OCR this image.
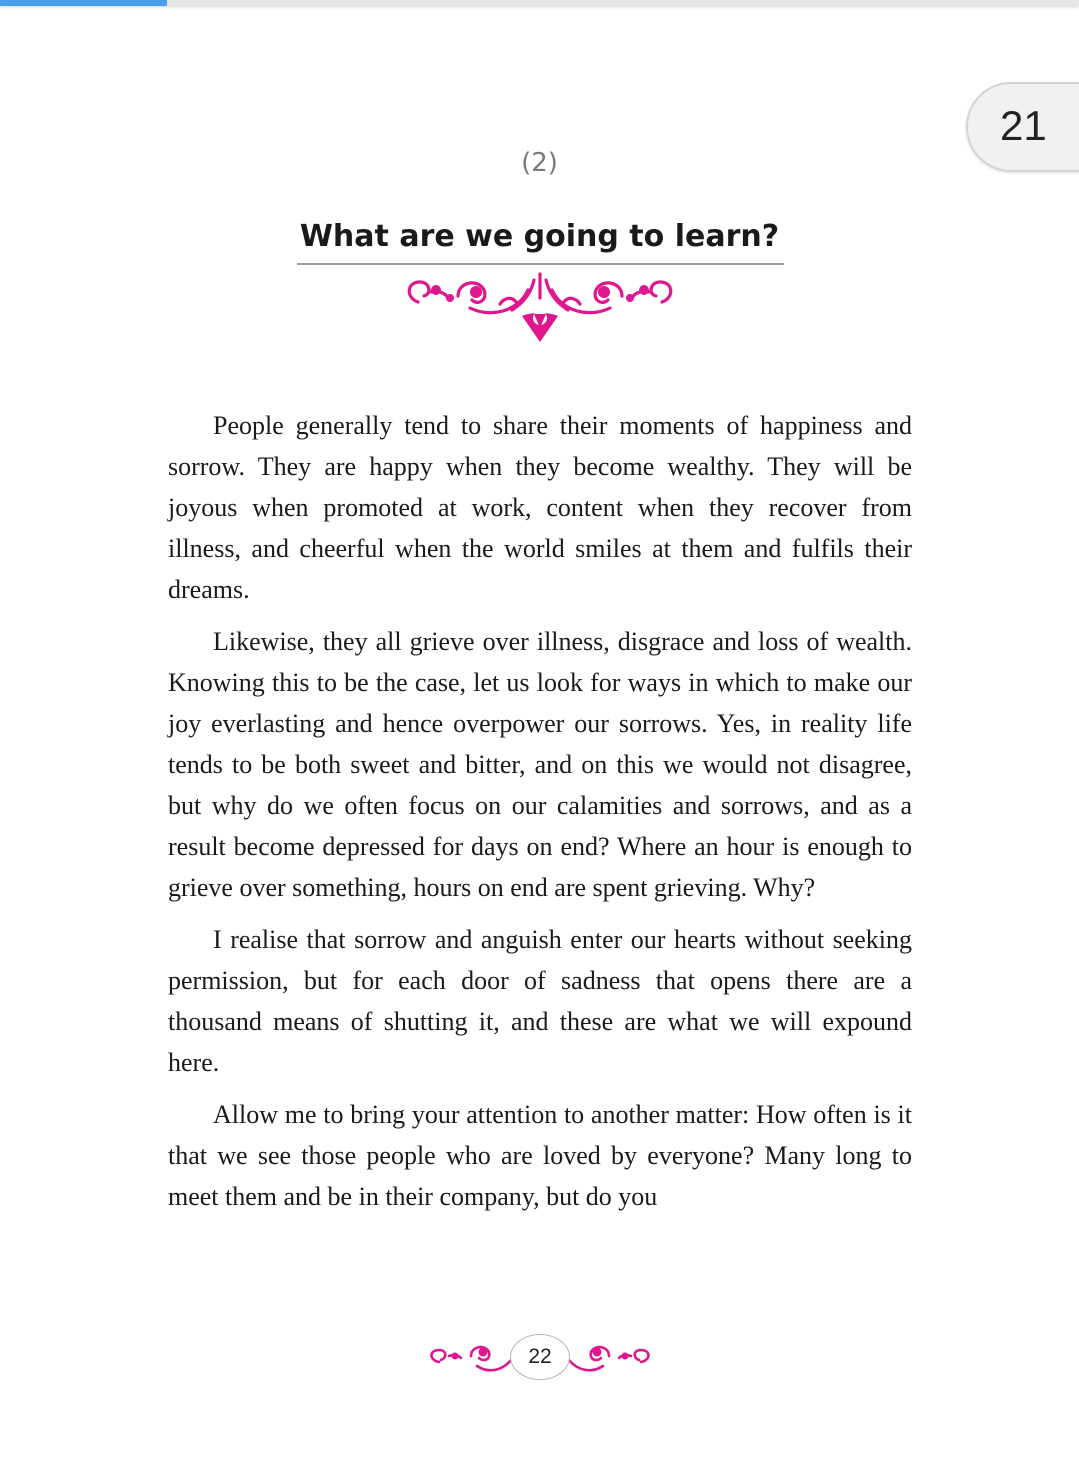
21
(2)
What are we going to learn?

People generally tend to share their moments of happiness and sorrow. They are happy when they become wealthy. They will be joyous when promoted at work, content when they recover from illness, and cheerful when the world smiles at them and fulfils their dreams.

Likewise, they all grieve over illness, disgrace and loss of wealth. Knowing this to be the case, let us look for ways in which to make our joy everlasting and hence overpower our sorrows. Yes, in reality life tends to be both sweet and bitter, and on this we would not disagree, but why do we often focus on our calamities and sorrows, and as a result become depressed for days on end? Where an hour is enough to grieve over something, hours on end are spent grieving. Why?

I realise that sorrow and anguish enter our hearts without seeking permission, but for each door of sadness that opens there are a thousand means of shutting it, and these are what we will expound here.

Allow me to bring your attention to another matter: How often is it that we see those people who are loved by everyone? Many long to meet them and be in their company, but do you

22
